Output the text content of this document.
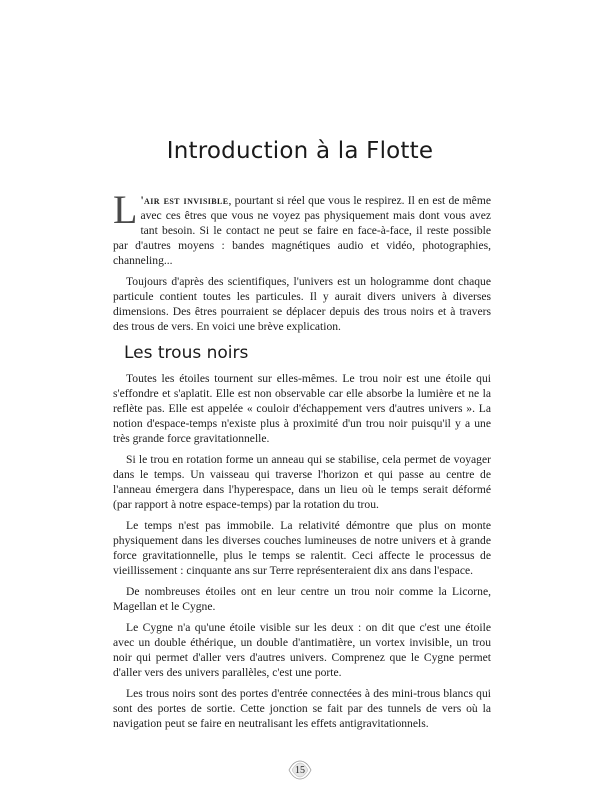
Introduction à la Flotte

L 'air est invisible, pourtant si réel que vous le respirez. Il en est de même avec ces êtres que vous ne voyez pas physiquement mais dont vous avez tant besoin. Si le contact ne peut se faire en face-à-face, il reste possible par d'autres moyens : bandes magnétiques audio et vidéo, photographies, channeling...

Toujours d'après des scientifiques, l'univers est un hologramme dont chaque particule contient toutes les particules. Il y aurait divers univers à diverses dimensions. Des êtres pourraient se déplacer depuis des trous noirs et à travers des trous de vers. En voici une brève explication.

Les trous noirs

Toutes les étoiles tournent sur elles-mêmes. Le trou noir est une étoile qui s'effondre et s'aplatit. Elle est non observable car elle absorbe la lumière et ne la reflète pas. Elle est appelée « couloir d'échappement vers d'autres univers ». La notion d'espace-temps n'existe plus à proximité d'un trou noir puisqu'il y a une très grande force gravitationnelle.

Si le trou en rotation forme un anneau qui se stabilise, cela permet de voyager dans le temps. Un vaisseau qui traverse l'horizon et qui passe au centre de l'anneau émergera dans l'hyperespace, dans un lieu où le temps serait déformé (par rapport à notre espace-temps) par la rotation du trou.

Le temps n'est pas immobile. La relativité démontre que plus on monte physiquement dans les diverses couches lumineuses de notre univers et à grande force gravitationnelle, plus le temps se ralentit. Ceci affecte le processus de vieillissement : cinquante ans sur Terre représenteraient dix ans dans l'espace.

De nombreuses étoiles ont en leur centre un trou noir comme la Licorne, Magellan et le Cygne.

Le Cygne n'a qu'une étoile visible sur les deux : on dit que c'est une étoile avec un double éthérique, un double d'antimatière, un vortex invisible, un trou noir qui permet d'aller vers d'autres univers. Comprenez que le Cygne permet d'aller vers des univers parallèles, c'est une porte.

Les trous noirs sont des portes d'entrée connectées à des mini-trous blancs qui sont des portes de sortie. Cette jonction se fait par des tunnels de vers où la navigation peut se faire en neutralisant les effets antigravitationnels.

15
